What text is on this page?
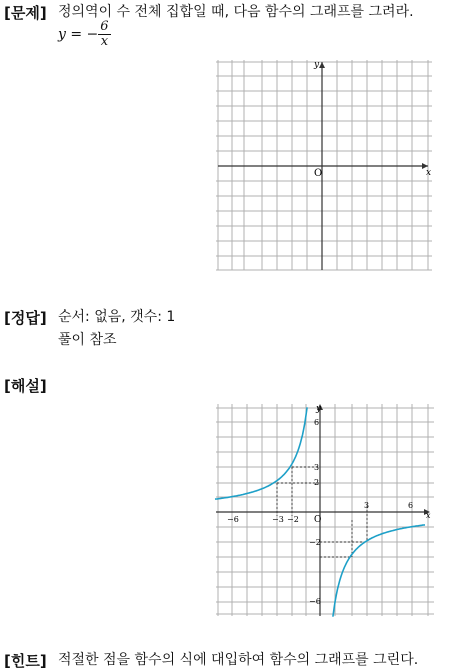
[문제] 정의역이 수 전체 집합일 때, 다음 함수의 그래프를 그려라.
y = − $\frac{6}{x}$
y
x
O
[정답] 순서: 없음, 갯수: 1
풀이 참조
[해설]
y
x
O
6
3
2
−2
−6
−6	−3 −2
3	6
[힌트] 적절한 점을 함수의 식에 대입하여 함수의 그래프를 그린다.
